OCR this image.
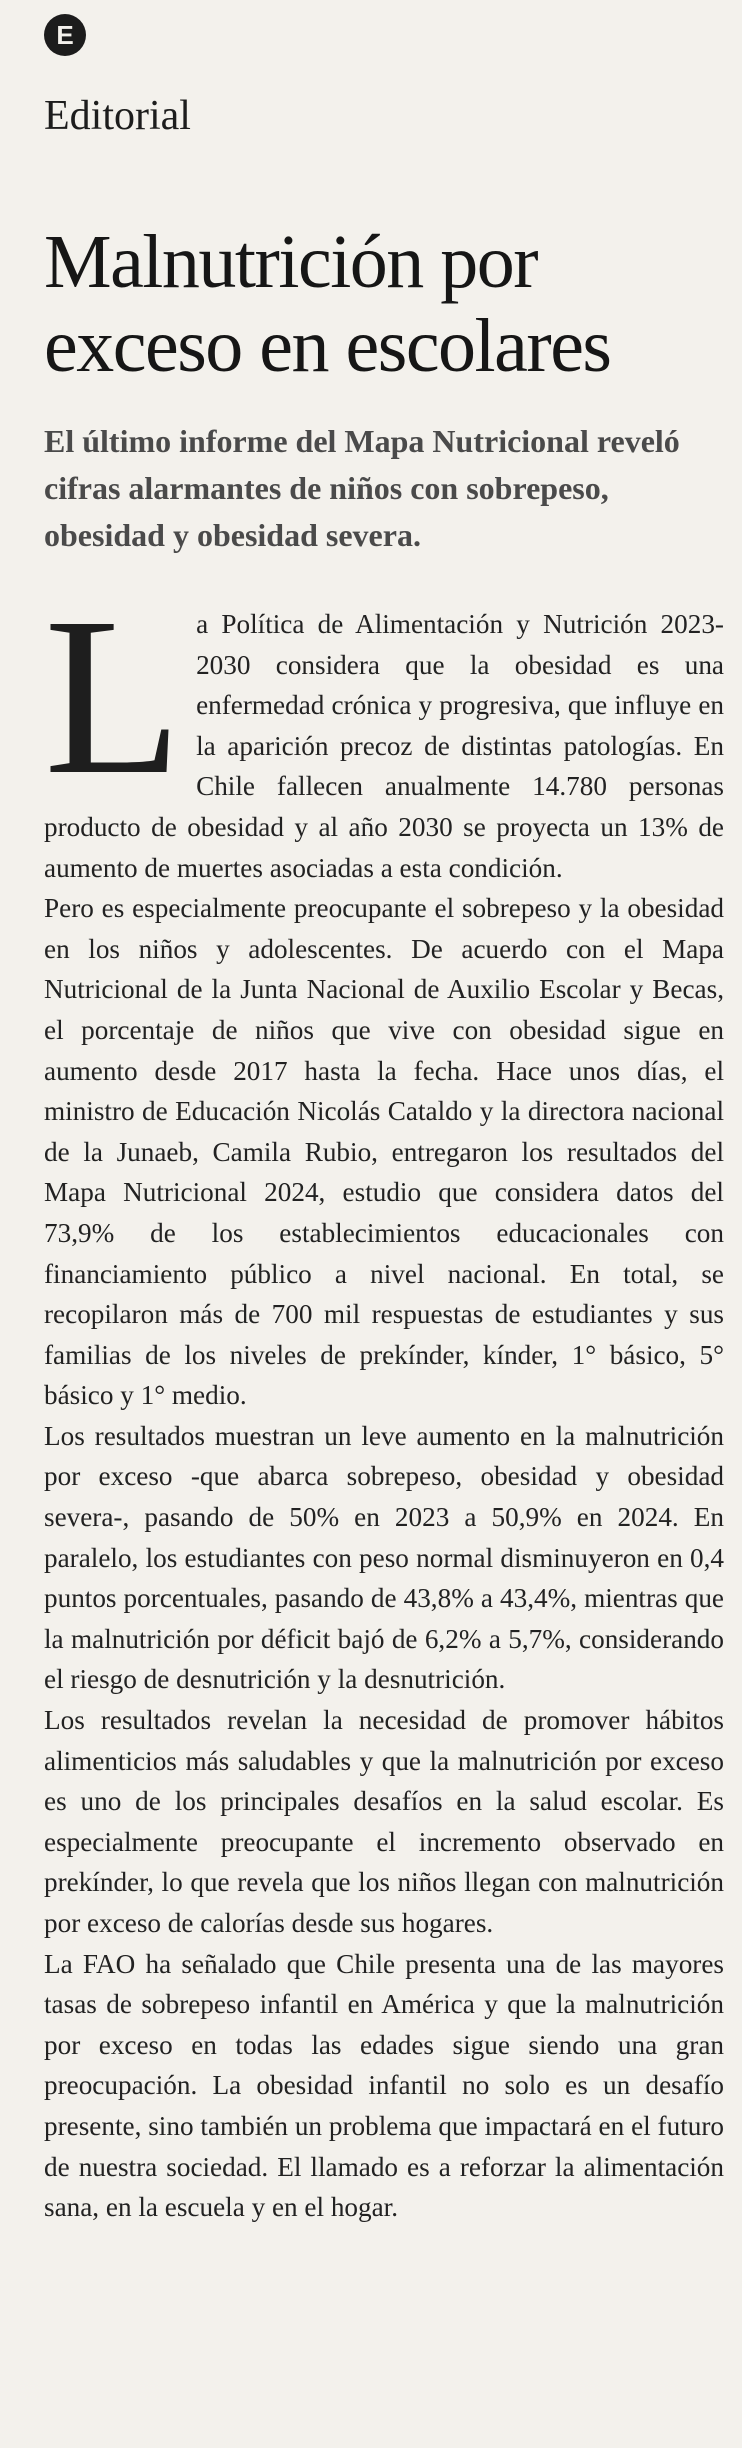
E
Editorial
Malnutrición por exceso en escolares

El último informe del Mapa Nutricional reveló cifras alarmantes de niños con sobrepeso, obesidad y obesidad severa.

La Política de Alimentación y Nutrición 2023-2030 considera que la obesidad es una enfermedad crónica y progresiva, que influye en la aparición precoz de distintas patologías. En Chile fallecen anualmente 14.780 personas producto de obesidad y al año 2030 se proyecta un 13% de aumento de muertes asociadas a esta condición.

Pero es especialmente preocupante el sobrepeso y la obesidad en los niños y adolescentes. De acuerdo con el Mapa Nutricional de la Junta Nacional de Auxilio Escolar y Becas, el porcentaje de niños que vive con obesidad sigue en aumento desde 2017 hasta la fecha. Hace unos días, el ministro de Educación Nicolás Cataldo y la directora nacional de la Junaeb, Camila Rubio, entregaron los resultados del Mapa Nutricional 2024, estudio que considera datos del 73,9% de los establecimientos educacionales con financiamiento público a nivel nacional. En total, se recopilaron más de 700 mil respuestas de estudiantes y sus familias de los niveles de prekínder, kínder, 1° básico, 5° básico y 1° medio.

Los resultados muestran un leve aumento en la malnutrición por exceso -que abarca sobrepeso, obesidad y obesidad severa-, pasando de 50% en 2023 a 50,9% en 2024. En paralelo, los estudiantes con peso normal disminuyeron en 0,4 puntos porcentuales, pasando de 43,8% a 43,4%, mientras que la malnutrición por déficit bajó de 6,2% a 5,7%, considerando el riesgo de desnutrición y la desnutrición.

Los resultados revelan la necesidad de promover hábitos alimenticios más saludables y que la malnutrición por exceso es uno de los principales desafíos en la salud escolar. Es especialmente preocupante el incremento observado en prekínder, lo que revela que los niños llegan con malnutrición por exceso de calorías desde sus hogares.

La FAO ha señalado que Chile presenta una de las mayores tasas de sobrepeso infantil en América y que la malnutrición por exceso en todas las edades sigue siendo una gran preocupación. La obesidad infantil no solo es un desafío presente, sino también un problema que impactará en el futuro de nuestra sociedad. El llamado es a reforzar la alimentación sana, en la escuela y en el hogar.
